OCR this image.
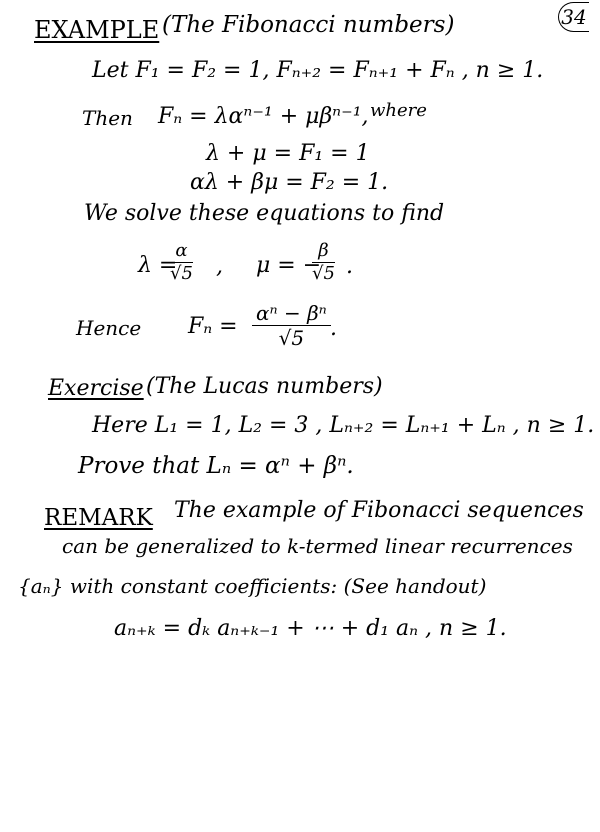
34
EXAMPLE (The Fibonacci numbers)
Let F₁ = F₂ = 1, Fₙ₊₂ = Fₙ₊₁ + Fₙ , n ≥ 1.
Then Fₙ = λαⁿ⁻¹ + μβⁿ⁻¹, where
λ + μ = F₁ = 1
αλ + βμ = F₂ = 1.
We solve these equations to find
λ =
$\frac{\alpha}{√5}$ , μ = −
$\frac{\beta}{√5}$ .
Hence $F_n = \frac{\text{αⁿ − βⁿ}}{√5}$ .
Exercise (The Lucas numbers)
Here L₁ = 1, L₂ = 3 , Lₙ₊₂ = Lₙ₊₁ + Lₙ , n ≥ 1.
Prove that Lₙ = αⁿ + βⁿ.
REMARK The example of Fibonacci sequences
can be generalized to k-termed linear recurrences
{aₙ} with constant coefficients: (See handout)
aₙ₊ₖ = dₖ aₙ₊ₖ₋₁ + ⋯ + d₁ aₙ , n ≥ 1.
